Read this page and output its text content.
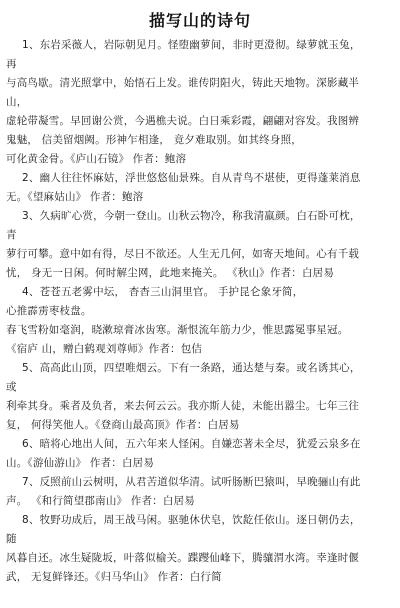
描写山的诗句
1、东岩采薇人，岩际朝见月。怪堕幽萝间，非时更澄彻。绿萝就玉兔，
再
与高鸟歇。清光照掌中，始悟石上发。谁传阴阳火，铸此天地物。深影藏半
山，
虚轮带凝雪。早回谢公赏，今遇樵夫说。白日乘彩霞，翩翩对容发。我图辨
鬼魅， 信美留烟阙。形神乍相逢， 竟夕难取别。如其终身照，
可化黄金骨。《庐山石镜》 作者：鲍溶
2、幽人往往怀麻姑，浮世悠悠仙景殊。自从青鸟不堪使，更得蓬莱消息
无。《望麻姑山》 作者：鲍溶
3、久病旷心赏，今朝一登山。山秋云物冷，称我清羸颜。白石卧可枕，
青
萝行可攀。意中如有得，尽日不欲还。人生无几何，如寄天地间。心有千载
忧， 身无一日闲。何时解尘网，此地来掩关。 《秋山》作者：白居易
4、苍苍五老雾中坛， 杳杳三山洞里官。 手护昆仑象牙简，
心推霹雳枣枝盘。
春飞雪粉如毫润，晓漱琼膏冰齿寒。渐恨流年筋力少，惟思露冕事星冠。
《宿庐 山，赠白鹤观刘尊师》作者：包佶
5、高高此山顶，四望唯烟云。下有一条路，通达楚与秦。或名诱其心，
或
利牵其身。乘者及负者，来去何云云。我亦斯人徒，未能出嚣尘。七年三往
复， 何得笑他人。《登商山最高顶》作者：白居易
6、暗将心地出人间，五六年来人怪闲。自嫌恋著未全尽，犹爱云泉多在
山。《游仙游山》 作者：白居易
7、反照前山云树明，从君苦道似华清。试听肠断巴猿叫，早晚骊山有此
声。 《和行简望郡南山》 作者：白居易
8、牧野功成后，周王战马闲。驱驰休伏皂，饮龁任依山。逐日朝仍去，
随
风暮自还。冰生疑陇坂，叶落似榆关。蹀躞仙峰下，腾骧渭水湾。幸逢时偃
武， 无复鲜锋还。《归马华山》 作者：白行简
